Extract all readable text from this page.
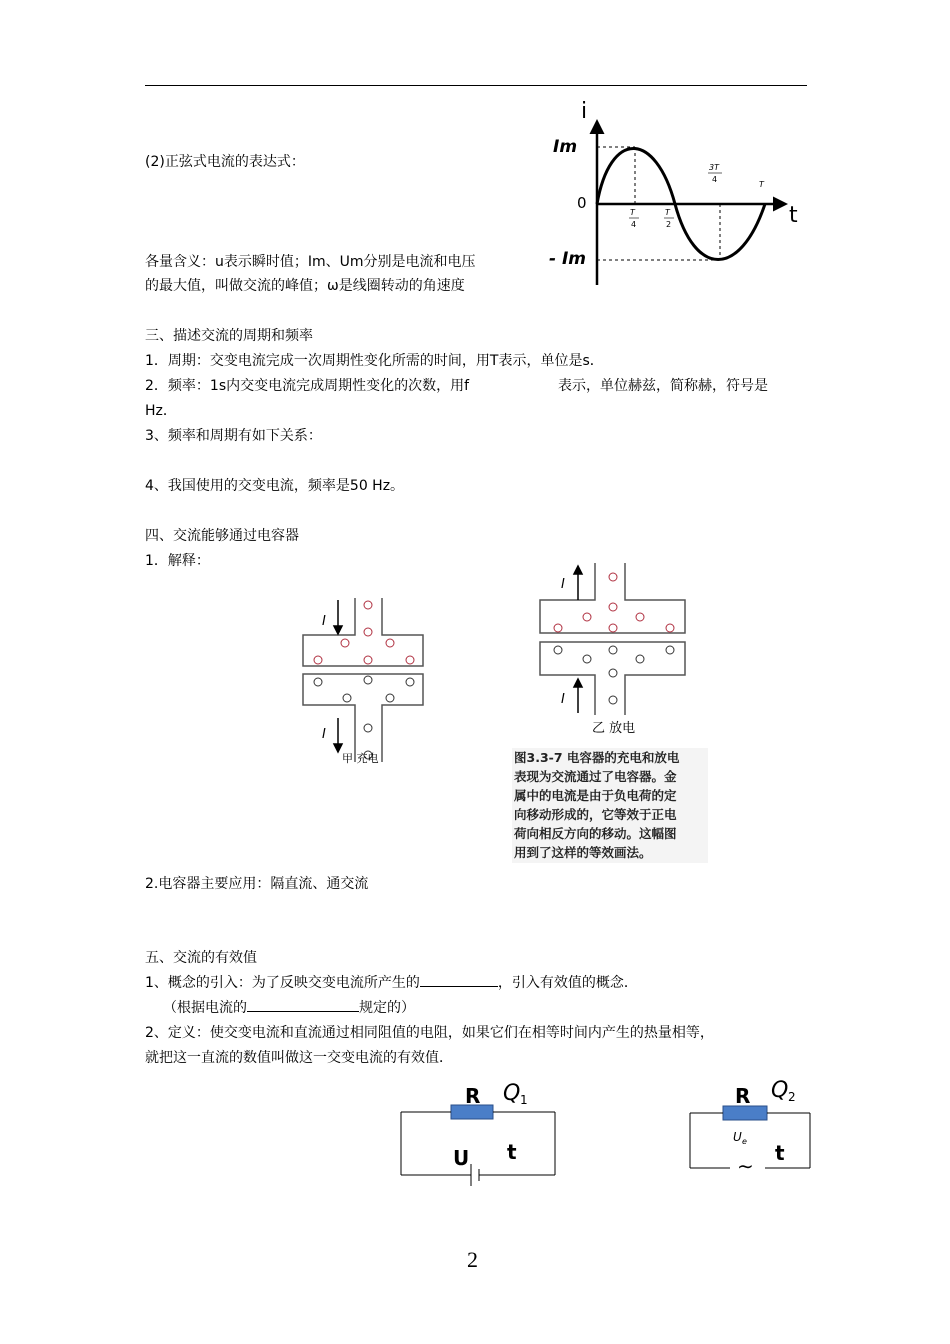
(2)正弦式电流的表达式：
各量含义：u表示瞬时值；Im、Um分别是电流和电压
的最大值，叫做交流的峰值；ω是线圈转动的角速度
i
t
0
Im
- Im
T
4
T
2
3T
4
T
三、描述交流的周期和频率
1．周期：交变电流完成一次周期性变化所需的时间，用T表示，单位是s．
2．频率：1s内交变电流完成周期性变化的次数，用f	表示，单位赫兹，简称赫，符号是
Hz．
3、频率和周期有如下关系：
4、我国使用的交变电流，频率是50 Hz。
四、交流能够通过电容器
1．解释：
I
I
甲 充电
I
I
乙 放电
图3.3-7 电容器的充电和放电
表现为交流通过了电容器。金
属中的电流是由于负电荷的定
向移动形成的，它等效于正电
荷向相反方向的移动。这幅图
用到了这样的等效画法。
2.电容器主要应用：隔直流、通交流
五、交流的有效值
1、概念的引入：为了反映交变电流所产生的	，引入有效值的概念．
（根据电流的	规定的）
2、定义：使交变电流和直流通过相同阻值的电阻，如果它们在相等时间内产生的热量相等，
就把这一直流的数值叫做这一交变电流的有效值．
R Q 1
U t
R Q 2
U e
∼
t
2
